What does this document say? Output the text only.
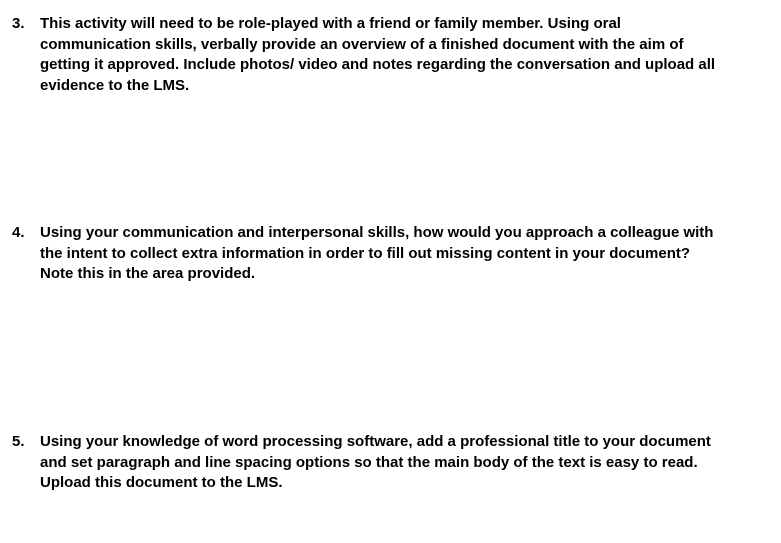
3.	This activity will need to be role-played with a friend or family member. Using oral
communication skills, verbally provide an overview of a finished document with the aim of
getting it approved. Include photos/ video and notes regarding the conversation and upload all
evidence to the LMS.
4.	Using your communication and interpersonal skills, how would you approach a colleague with
the intent to collect extra information in order to fill out missing content in your document?
Note this in the area provided.
5.	Using your knowledge of word processing software, add a professional title to your document
and set paragraph and line spacing options so that the main body of the text is easy to read.
Upload this document to the LMS.
